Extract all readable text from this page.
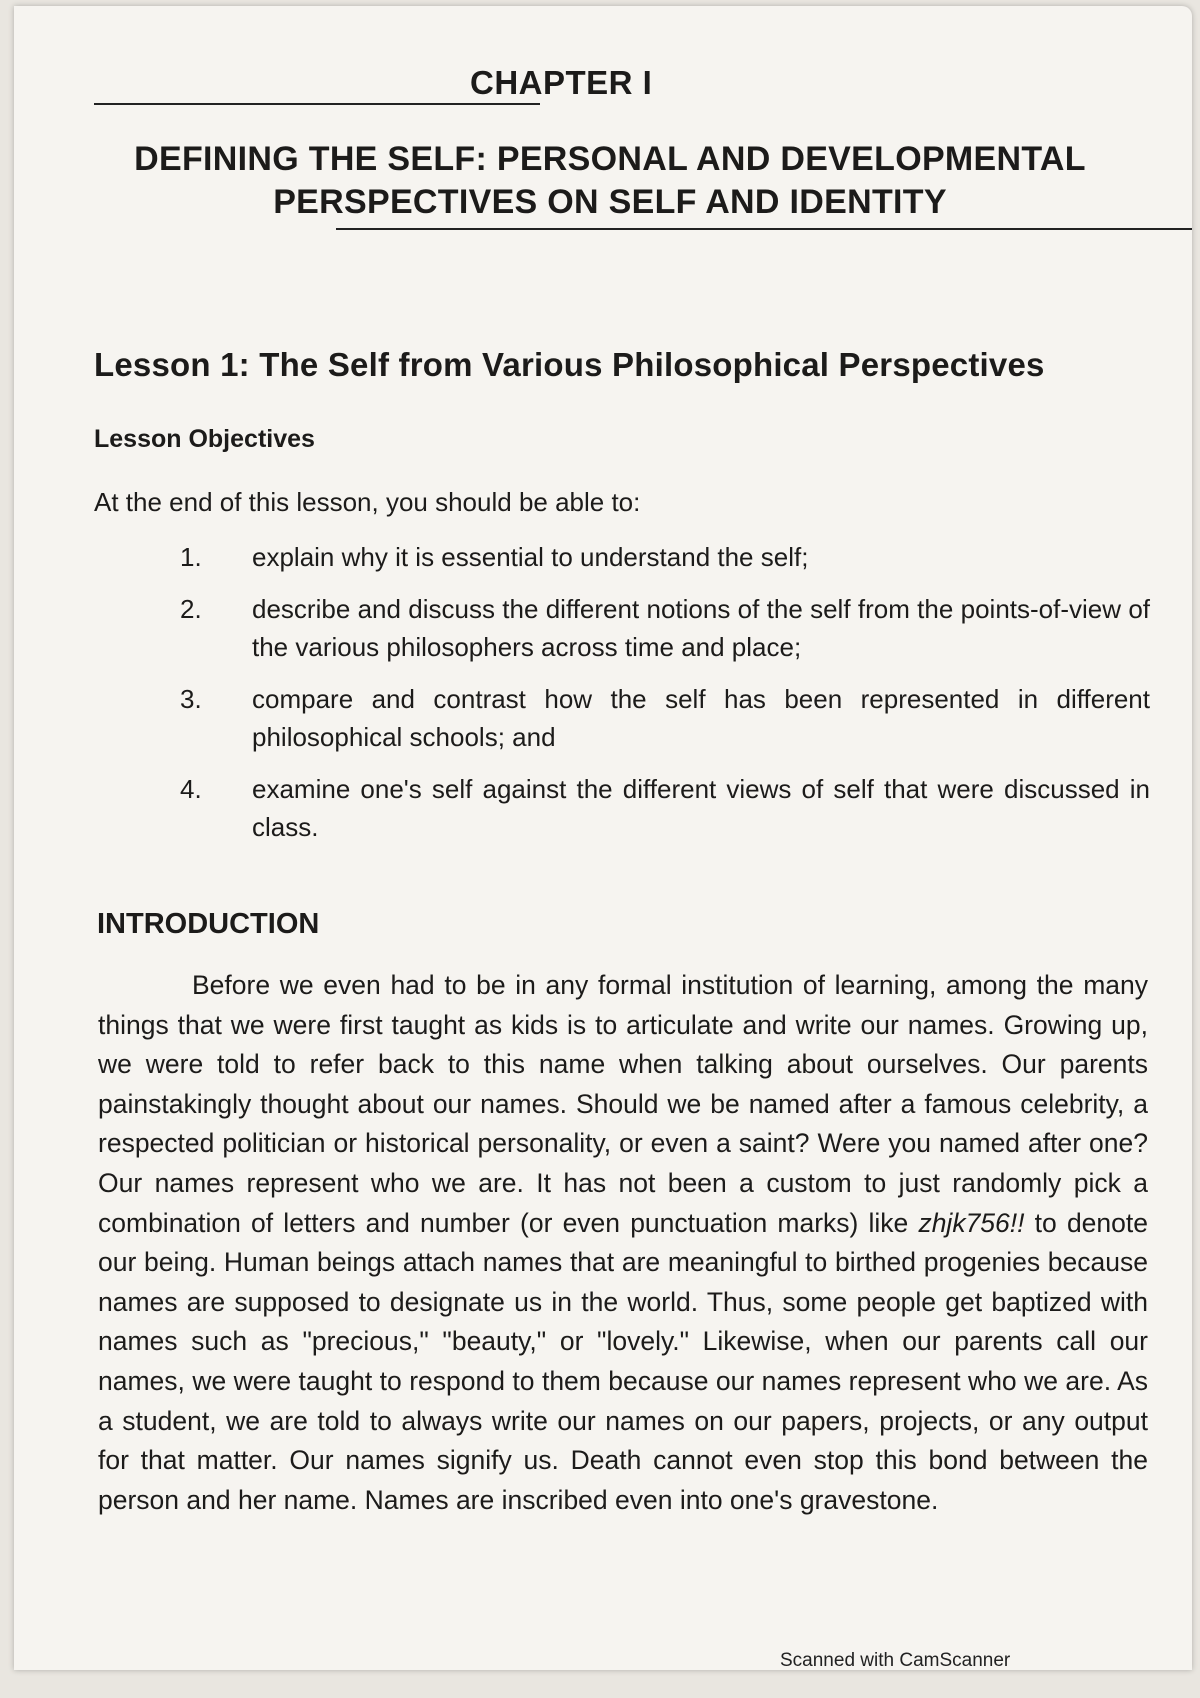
CHAPTER I
DEFINING THE SELF: PERSONAL AND DEVELOPMENTAL
PERSPECTIVES ON SELF AND IDENTITY
Lesson 1: The Self from Various Philosophical Perspectives
Lesson Objectives
At the end of this lesson, you should be able to:
1.	explain why it is essential to understand the self;
2.	describe and discuss the different notions of the self from the points-of-view of the various philosophers across time and place;
3.	compare and contrast how the self has been represented in different philosophical schools; and
4.	examine one's self against the different views of self that were discussed in class.
INTRODUCTION

Before we even had to be in any formal institution of learning, among the many things that we were first taught as kids is to articulate and write our names. Growing up, we were told to refer back to this name when talking about ourselves. Our parents painstakingly thought about our names. Should we be named after a famous celebrity, a respected politician or historical personality, or even a saint? Were you named after one? Our names represent who we are. It has not been a custom to just randomly pick a combination of letters and number (or even punctuation marks) like zhjk756!! to denote our being. Human beings attach names that are meaningful to birthed progenies because names are supposed to designate us in the world. Thus, some people get baptized with names such as "precious," "beauty," or "lovely." Likewise, when our parents call our names, we were taught to respond to them because our names represent who we are. As a student, we are told to always write our names on our papers, projects, or any output for that matter. Our names signify us. Death cannot even stop this bond between the person and her name. Names are inscribed even into one's gravestone.

Scanned with CamScanner
